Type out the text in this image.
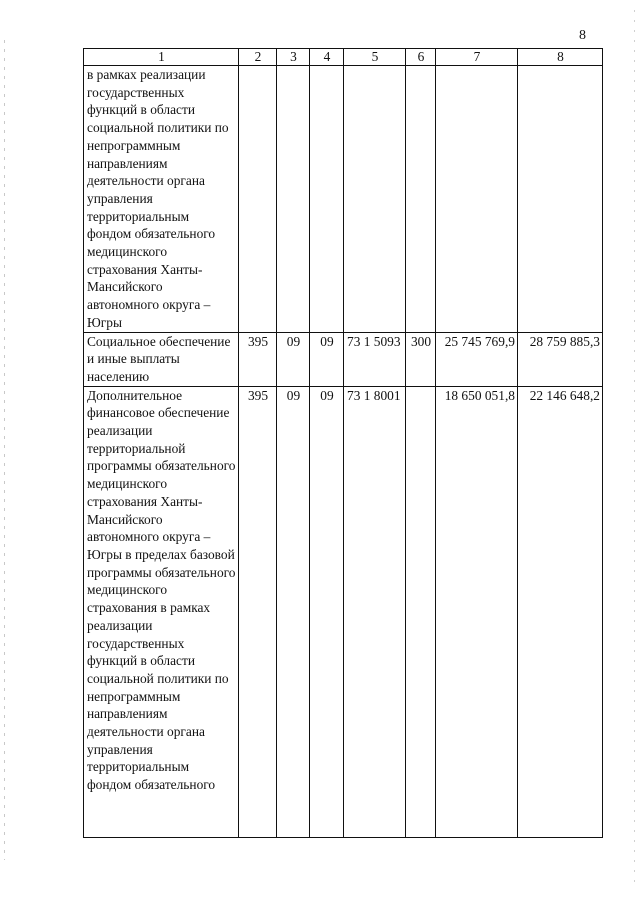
8
1	2	3	4	5	6	7	8
в рамках реализации государственных функций в области социальной политики по непрограммным направлениям деятельности органа управления территориальным фондом обязательного медицинского страхования Ханты-Мансийского автономного округа – Югры							
Социальное обеспечение и иные выплаты населению	395	09	09	73 1 5093	300	25 745 769,9	28 759 885,3
Дополнительное финансовое обеспечение реализации территориальной программы обязательного медицинского страхования Ханты-Мансийского автономного округа – Югры в пределах базовой программы обязательного медицинского страхования в рамках реализации государственных функций в области социальной политики по непрограммным направлениям деятельности органа управления территориальным фондом обязательного	395	09	09	73 1 8001		18 650 051,8	22 146 648,2
